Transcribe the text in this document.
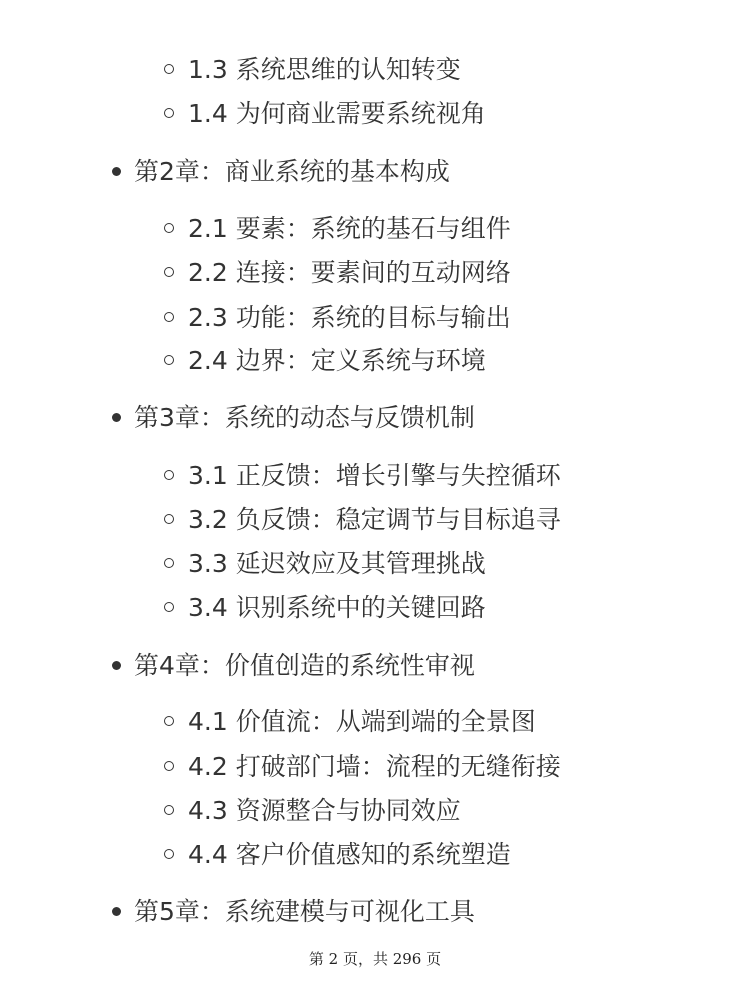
1.3 系统思维的认知转变
1.4 为何商业需要系统视角
第2章：商业系统的基本构成
2.1 要素：系统的基石与组件
2.2 连接：要素间的互动网络
2.3 功能：系统的目标与输出
2.4 边界：定义系统与环境
第3章：系统的动态与反馈机制
3.1 正反馈：增长引擎与失控循环
3.2 负反馈：稳定调节与目标追寻
3.3 延迟效应及其管理挑战
3.4 识别系统中的关键回路
第4章：价值创造的系统性审视
4.1 价值流：从端到端的全景图
4.2 打破部门墙：流程的无缝衔接
4.3 资源整合与协同效应
4.4 客户价值感知的系统塑造
第5章：系统建模与可视化工具
第 2 页，共 296 页
